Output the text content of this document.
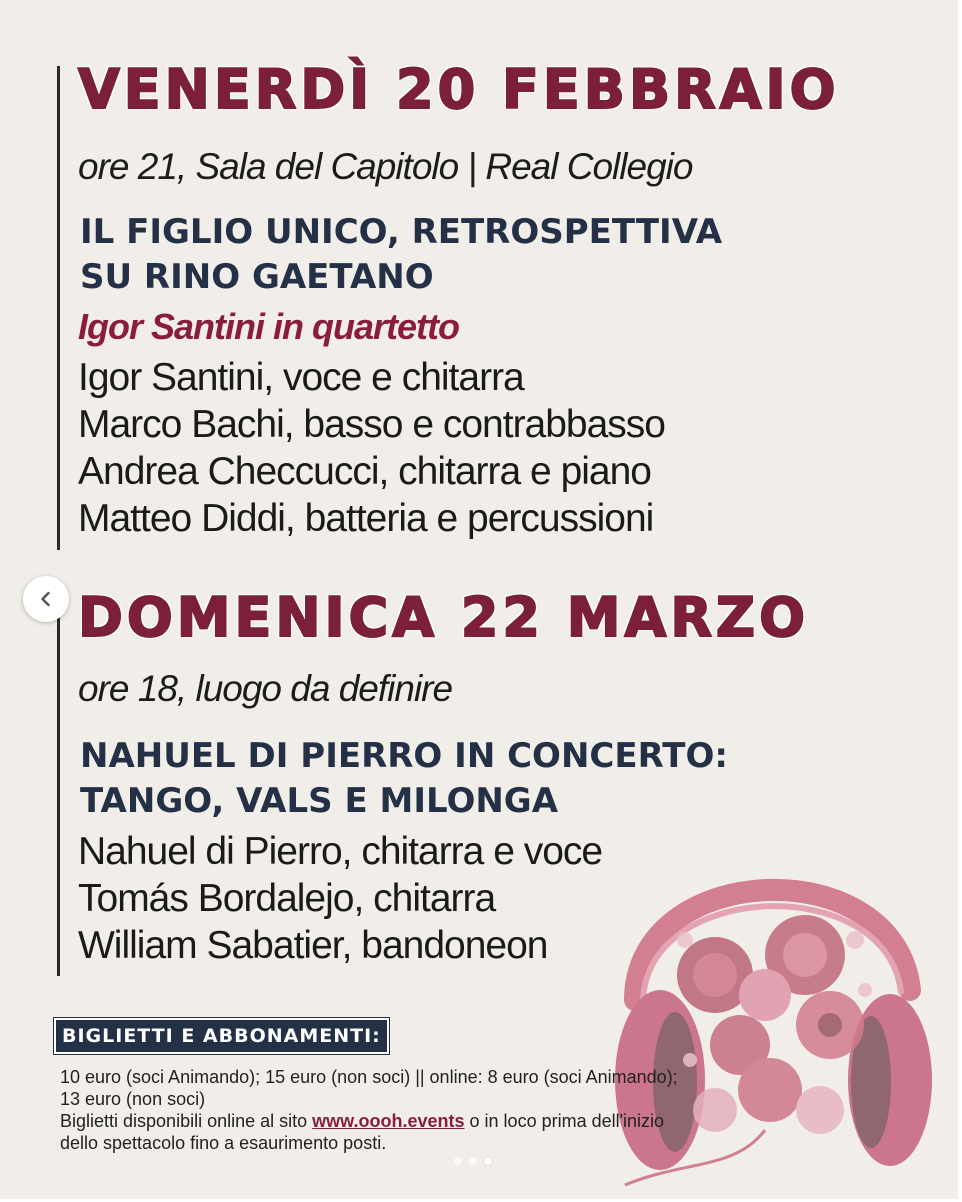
VENERDÌ 20 FEBBRAIO

ore 21, Sala del Capitolo | Real Collegio

IL FIGLIO UNICO, RETROSPETTIVA
SU RINO GAETANO

Igor Santini in quartetto

Igor Santini, voce e chitarra
Marco Bachi, basso e contrabbasso
Andrea Checcucci, chitarra e piano
Matteo Diddi, batteria e percussioni
DOMENICA 22 MARZO

ore 18, luogo da definire

NAHUEL DI PIERRO IN CONCERTO:
TANGO, VALS E MILONGA
Nahuel di Pierro, chitarra e voce
Tomás Bordalejo, chitarra
William Sabatier, bandoneon
BIGLIETTI E ABBONAMENTI:

10 euro (soci Animando); 15 euro (non soci) || online: 8 euro (soci Animando);

13 euro (non soci)

Biglietti disponibili online al sito www.oooh.events o in loco prima dell'inizio

dello spettacolo fino a esaurimento posti.
